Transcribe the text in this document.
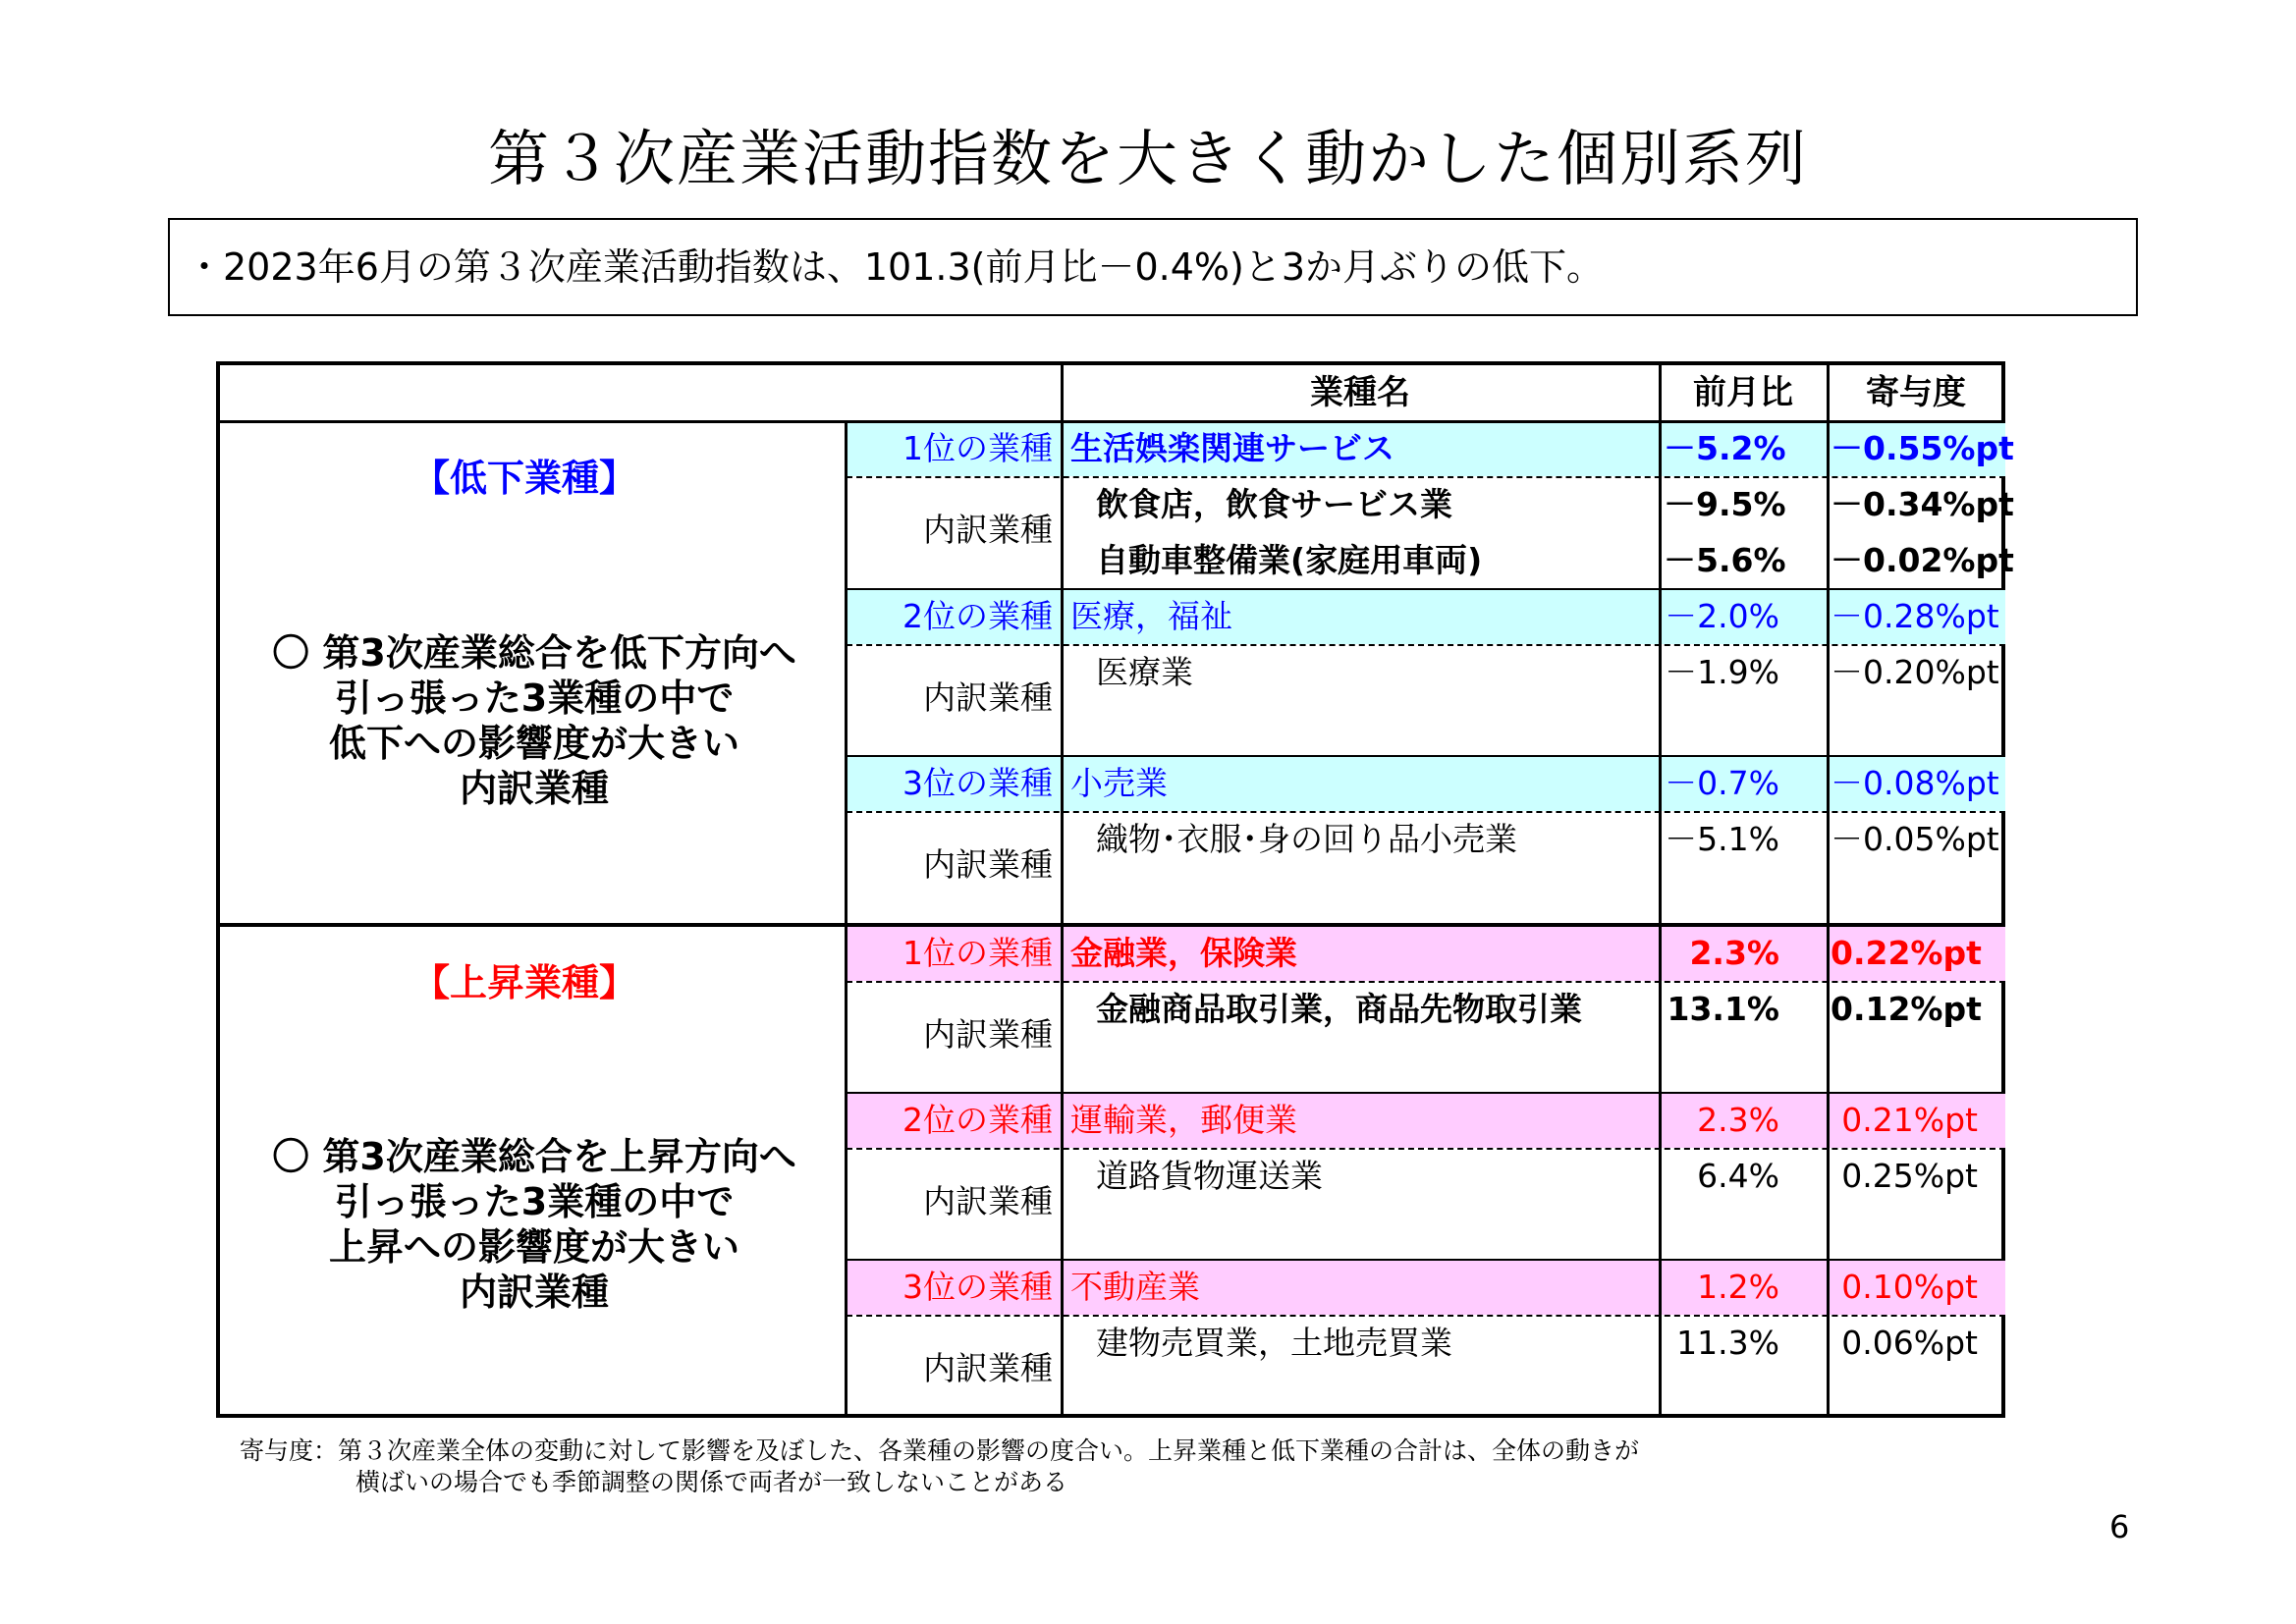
第３次産業活動指数を大きく動かした個別系列
・2023年6月の第３次産業活動指数は、101.3(前月比－0.4%)と3か月ぶりの低下。
業種名	前月比 寄与度
【低下業種】
〇 第3次産業総合を低下方向へ
引っ張った3業種の中で
低下への影響度が大きい
内訳業種
1位の業種 生活娯楽関連サービス	－5.2% －0.55%pt
内訳業種
飲食店，飲食サービス業	－9.5% －0.34%pt
自動車整備業(家庭用車両)	－5.6% －0.02%pt
2位の業種 医療，福祉	－2.0% －0.28%pt
内訳業種
医療業	－1.9% －0.20%pt
3位の業種 小売業	－0.7% －0.08%pt
内訳業種
織物･衣服･身の回り品小売業	－5.1% －0.05%pt
【上昇業種】
〇 第3次産業総合を上昇方向へ
引っ張った3業種の中で
上昇への影響度が大きい
内訳業種
1位の業種 金融業，保険業	2.3% 0.22%pt
内訳業種
金融商品取引業，商品先物取引業	13.1% 0.12%pt
2位の業種 運輸業，郵便業	2.3%	0.21%pt
内訳業種
道路貨物運送業	6.4%	0.25%pt
3位の業種 不動産業	1.2%	0.10%pt
内訳業種
建物売買業，土地売買業	11.3%	0.06%pt
寄与度：第３次産業全体の変動に対して影響を及ぼした、各業種の影響の度合い。上昇業種と低下業種の合計は、全体の動きが
横ばいの場合でも季節調整の関係で両者が一致しないことがある
6
